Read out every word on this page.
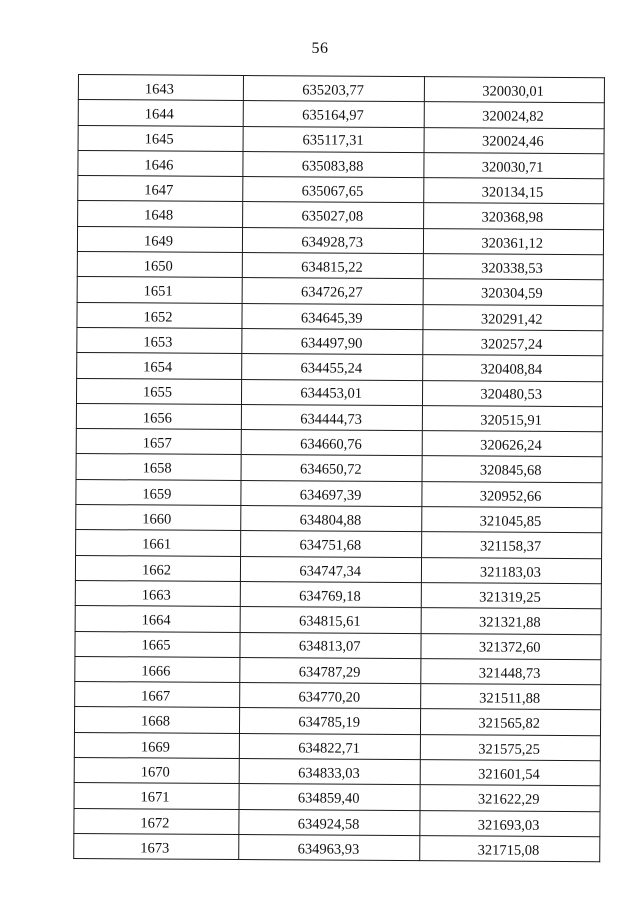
56
1643	635203,77	320030,01
1644	635164,97	320024,82
1645	635117,31	320024,46
1646	635083,88	320030,71
1647	635067,65	320134,15
1648	635027,08	320368,98
1649	634928,73	320361,12
1650	634815,22	320338,53
1651	634726,27	320304,59
1652	634645,39	320291,42
1653	634497,90	320257,24
1654	634455,24	320408,84
1655	634453,01	320480,53
1656	634444,73	320515,91
1657	634660,76	320626,24
1658	634650,72	320845,68
1659	634697,39	320952,66
1660	634804,88	321045,85
1661	634751,68	321158,37
1662	634747,34	321183,03
1663	634769,18	321319,25
1664	634815,61	321321,88
1665	634813,07	321372,60
1666	634787,29	321448,73
1667	634770,20	321511,88
1668	634785,19	321565,82
1669	634822,71	321575,25
1670	634833,03	321601,54
1671	634859,40	321622,29
1672	634924,58	321693,03
1673	634963,93	321715,08
